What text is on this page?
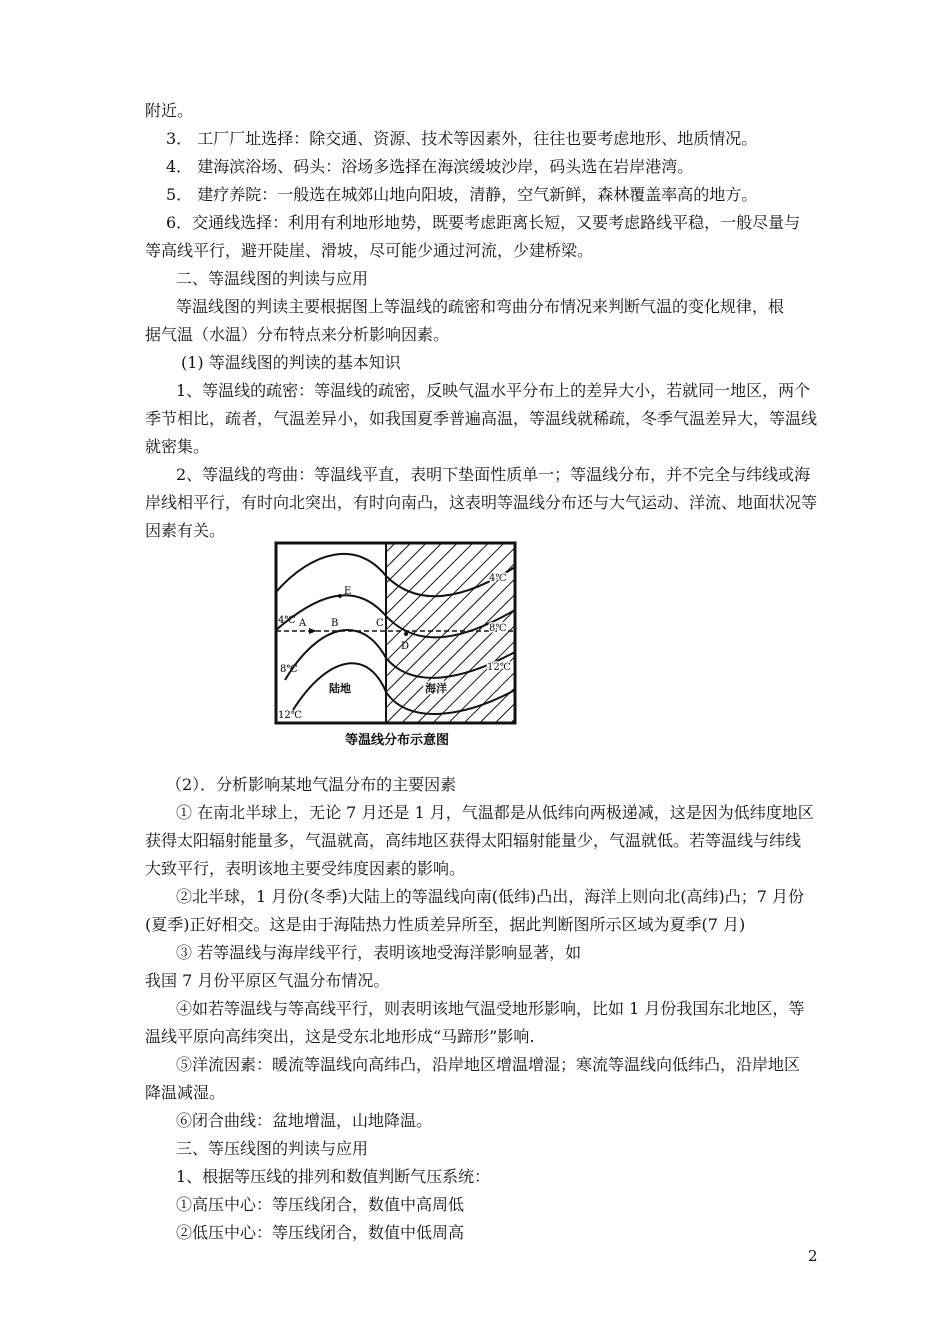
附近。
3． 工厂厂址选择：除交通、资源、技术等因素外，往往也要考虑地形、地质情况。
4． 建海滨浴场、码头：浴场多选择在海滨缓坡沙岸，码头选在岩岸港湾。
5． 建疗养院：一般选在城郊山地向阳坡，清静，空气新鲜，森林覆盖率高的地方。
6．交通线选择：利用有利地形地势，既要考虑距离长短，又要考虑路线平稳，一般尽量与
等高线平行，避开陡崖、滑坡，尽可能少通过河流，少建桥梁。
二、等温线图的判读与应用
等温线图的判读主要根据图上等温线的疏密和弯曲分布情况来判断气温的变化规律，根
据气温（水温）分布特点来分析影响因素。
(1) 等温线图的判读的基本知识
1、等温线的疏密：等温线的疏密，反映气温水平分布上的差异大小，若就同一地区，两个
季节相比，疏者，气温差异小，如我国夏季普遍高温，等温线就稀疏，冬季气温差异大，等温线
就密集。
2、等温线的弯曲：等温线平直，表明下垫面性质单一；等温线分布，并不完全与纬线或海
岸线相平行，有时向北突出，有时向南凸，这表明等温线分布还与大气运动、洋流、地面状况等
因素有关。
E
A B	C
D
4℃
8℃
12℃
4℃
8℃
12℃
陆地	海洋
等温线分布示意图
（2）．分析影响某地气温分布的主要因素
① 在南北半球上，无论 7 月还是 1 月，气温都是从低纬向两极递减，这是因为低纬度地区
获得太阳辐射能量多，气温就高，高纬地区获得太阳辐射能量少，气温就低。若等温线与纬线
大致平行，表明该地主要受纬度因素的影响。
②北半球，1 月份(冬季)大陆上的等温线向南(低纬)凸出，海洋上则向北(高纬)凸；7 月份
(夏季)正好相交。这是由于海陆热力性质差异所至，据此判断图所示区域为夏季(7 月)
③ 若等温线与海岸线平行，表明该地受海洋影响显著，如
我国 7 月份平原区气温分布情况。
④如若等温线与等高线平行，则表明该地气温受地形影响，比如 1 月份我国东北地区，等
温线平原向高纬突出，这是受东北地形成“马蹄形”影响.
⑤洋流因素：暖流等温线向高纬凸，沿岸地区增温增湿；寒流等温线向低纬凸，沿岸地区
降温减湿。
⑥闭合曲线：盆地增温，山地降温。
三、等压线图的判读与应用
1、根据等压线的排列和数值判断气压系统：
①高压中心：等压线闭合，数值中高周低
②低压中心：等压线闭合，数值中低周高
2
